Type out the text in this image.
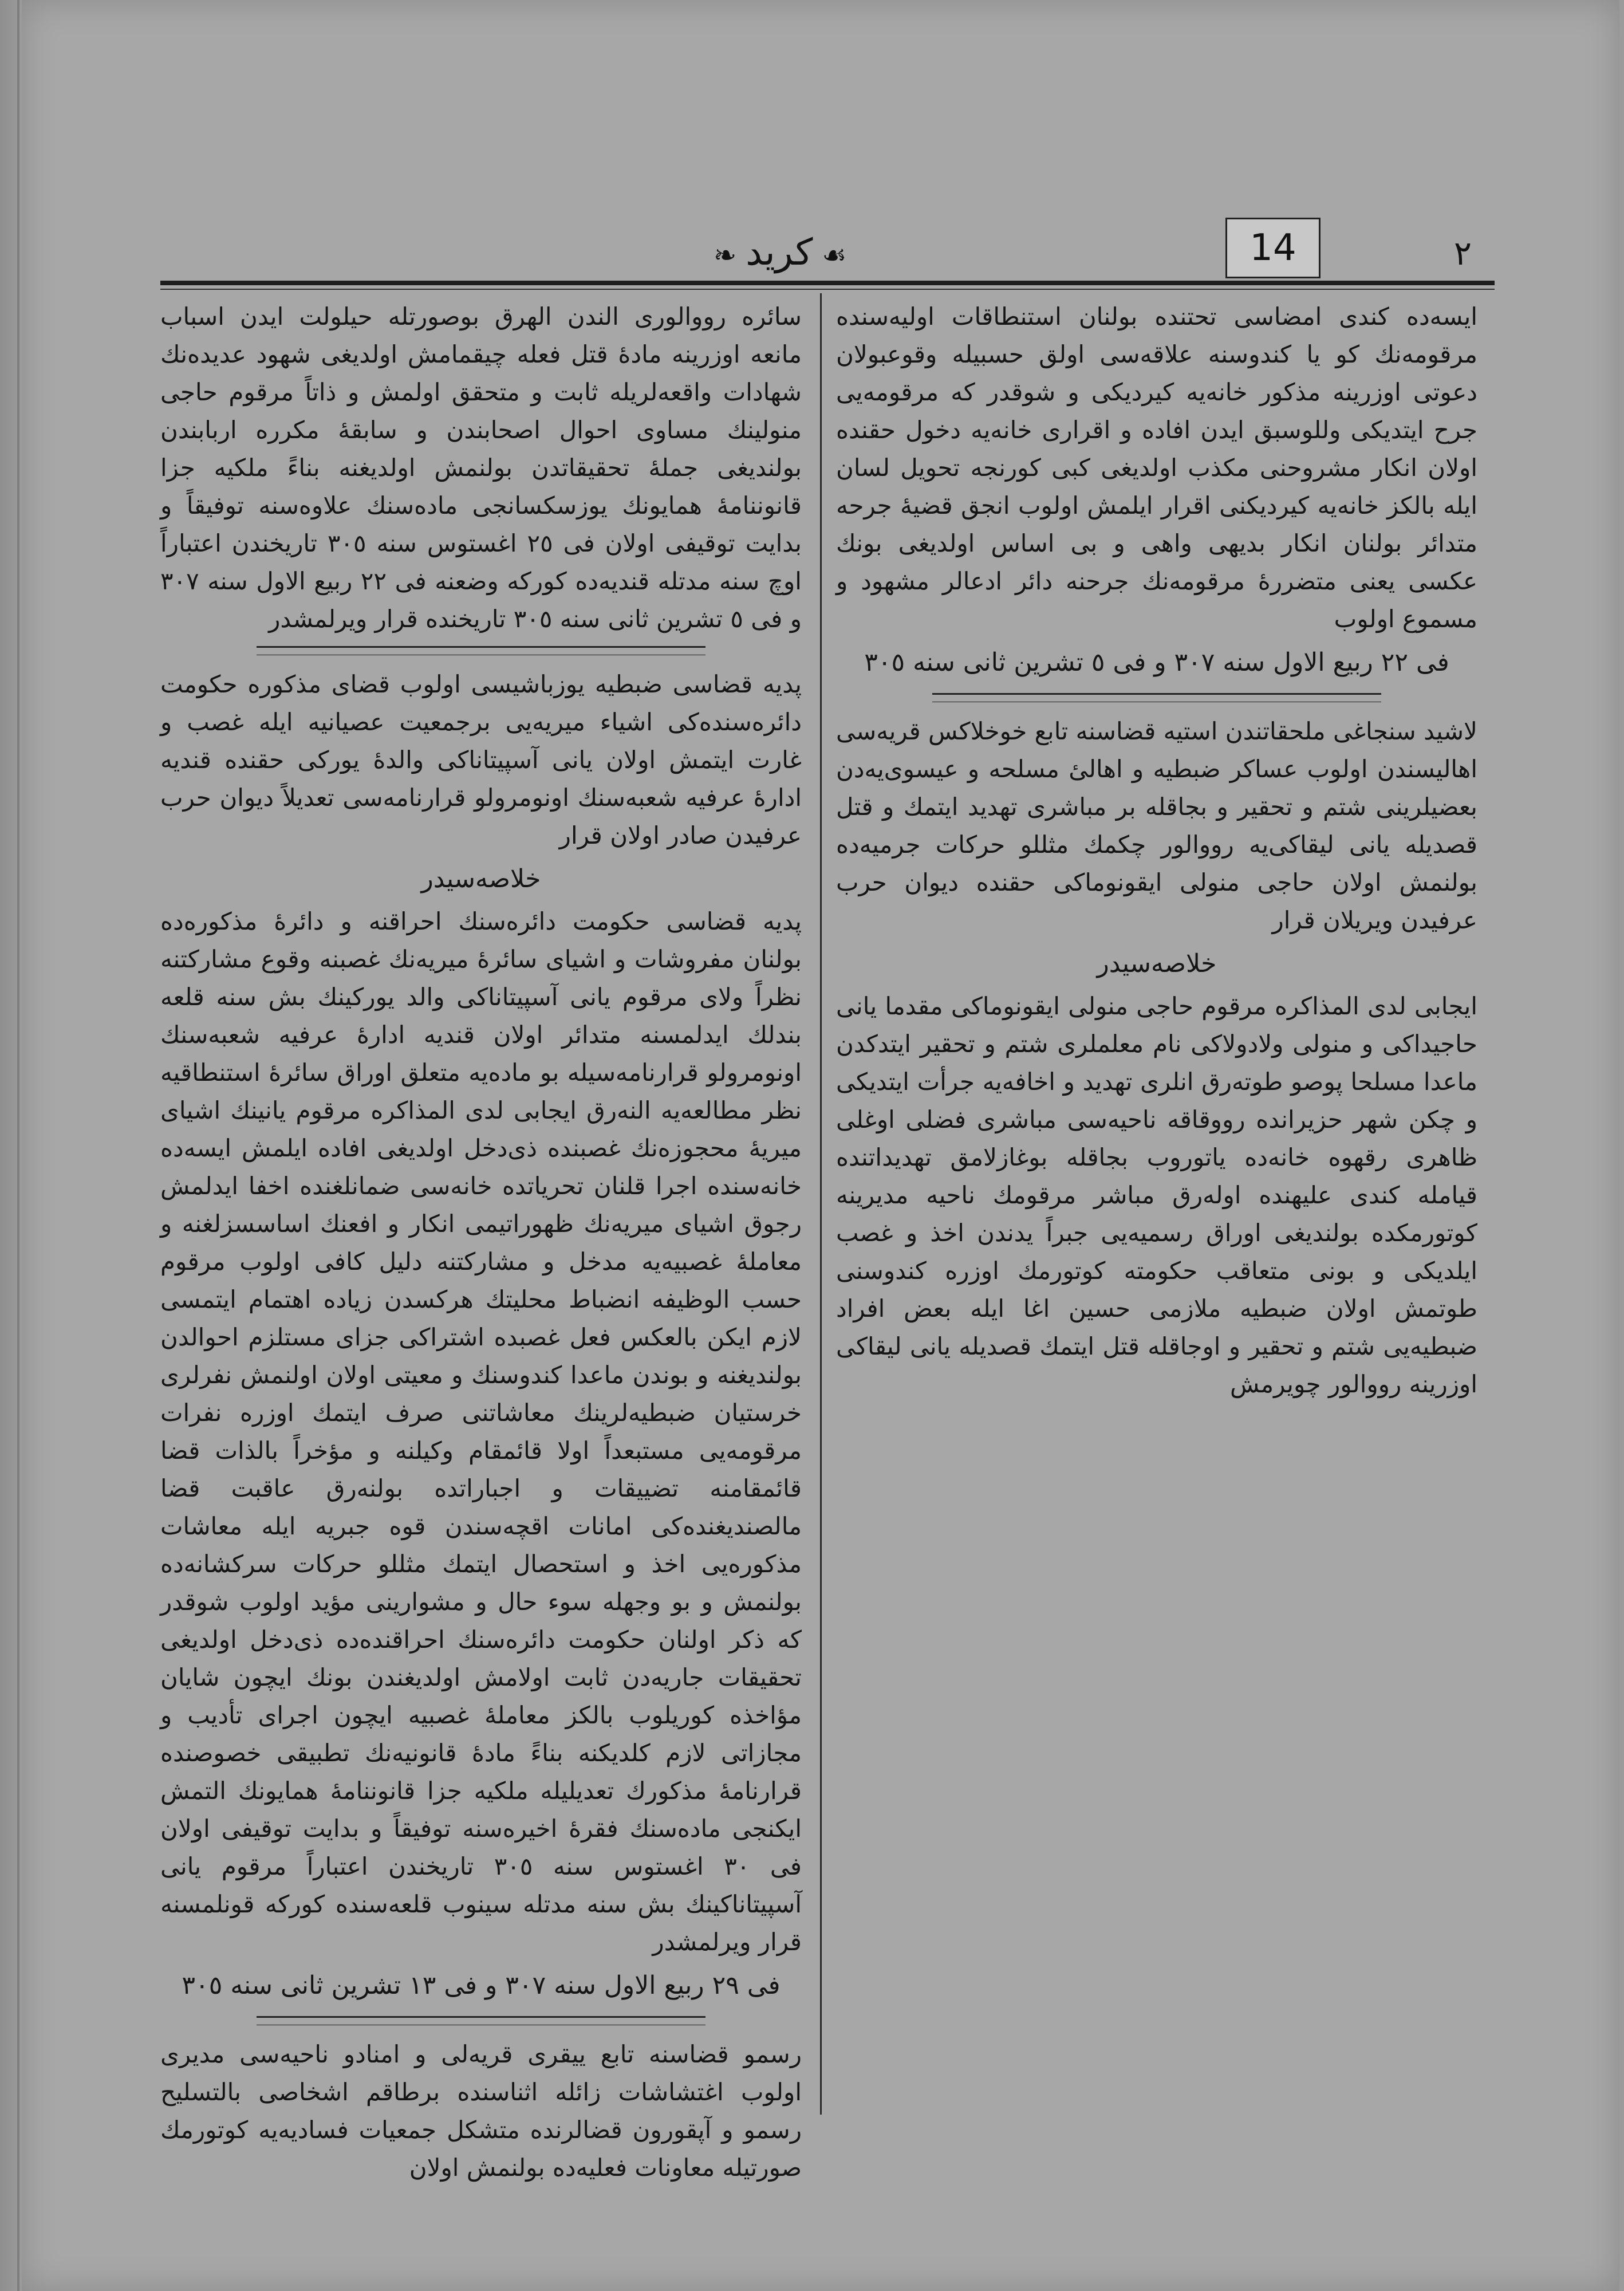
٢
14
❧ کرید ☙

ایسه‌ده کندی امضاسی تحتنده بولنان استنطاقات اولیه‌سنده مرقومه‌نك کو یا کندوسنه علاقه‌سی اولق حسبیله وقوعبولان دعوتی اوزرینه مذکور خانه‌یه کیردیکی و شوقدر که مرقومه‌یی جرح ایتدیکی وللوسبق ایدن افاده و اقراری خانه‌یه دخول حقنده اولان انکار مشروحنی مکذب اولدیغی کبی کورنجه تحویل لسان ایله بالکز خانه‌یه کیردیکنی اقرار ایلمش اولوب انجق قضیهٔ جرحه متدائر بولنان انکار بدیهی واهی و بی اساس اولدیغی بونك عکسی یعنی متضررهٔ مرقومه‌نك جرحنه دائر ادعالر مشهود و مسموع اولوب

فی ٢٢ ربیع الاول سنه ٣٠٧ و فی ٥ تشرین ثانی سنه ٣٠٥

لاشید سنجاغی ملحقاتندن استیه قضاسنه تابع خوخلاکس قریه‌سی اهالیسندن اولوب عساکر ضبطیه و اهالیٔ مسلحه و عیسوی‌یه‌دن بعضیلرینی شتم و تحقیر و بجاقله بر مباشری تهدید ایتمك و قتل قصدیله یانی لیقاکی‌یه رووالور چکمك مثللو حرکات جرمیه‌ده بولنمش اولان حاجی منولی ایقونوماکی حقنده دیوان حرب عرفیدن ویریلان قرار

خلاصه‌سیدر

ایجابی لدی المذاکره مرقوم حاجی منولی ایقونوماکی مقدما یانی حاجیداکی و منولی ولادولاکی نام معلملری شتم و تحقیر ایتدکدن ماعدا مسلحا پوصو طوته‌رق انلری تهدید و اخافه‌یه جرأت ایتدیکی و چکن شهر حزیرانده رووقاقه ناحیه‌سی مباشری فضلی اوغلی ظاهری رقهوه خانه‌ده یاتوروب بجاقله بوغازلامق تهدیداتنده قیامله کندی علیهنده اوله‌رق مباشر مرقومك ناحیه مدیرینه کوتورمکده بولندیغی اوراق رسمیه‌یی جبراً یدندن اخذ و غصب ایلدیکی و بونی متعاقب حکومته کوتورمك اوزره کندوسنی طوتمش اولان ضبطیه ملازمی حسین اغا ایله بعض افراد ضبطیه‌یی شتم و تحقیر و اوجاقله قتل ایتمك قصدیله یانی لیقاکی اوزرینه رووالور چویرمش

سائره رووالوری الندن الهرق بوصورتله حیلولت ایدن اسباب مانعه اوزرینه مادهٔ قتل فعله چیقمامش اولدیغی شهود عدیده‌نك شهادات واقعه‌لریله ثابت و متحقق اولمش و ذاتاً مرقوم حاجی منولینك مساوی احوال اصحابندن و سابقهٔ مکرره اربابندن بولندیغی جملهٔ تحقیقاتدن بولنمش اولدیغنه بناءً ملکیه جزا قانوننامهٔ همایونك یوزسکسانجی ماده‌سنك علاوه‌سنه توفیقاً و بدایت توقیفی اولان فی ٢٥ اغستوس سنه ٣٠٥ تاریخندن اعتباراً اوچ سنه مدتله قندیه‌ده کورکه وضعنه فی ٢٢ ربیع الاول سنه ٣٠٧ و فی ٥ تشرین ثانی سنه ٣٠٥ تاریخنده قرار ویرلمشدر

پدیه قضاسی ضبطیه یوزباشیسی اولوب قضای مذکوره حکومت دائره‌سنده‌کی اشیاء میریه‌یی برجمعیت عصیانیه ایله غصب و غارت ایتمش اولان یانی آسپیتاناکی والدهٔ یورکی حقنده قندیه ادارهٔ عرفیه شعبه‌سنك اونومرولو قرارنامه‌سی تعدیلاً دیوان حرب عرفیدن صادر اولان قرار

خلاصه‌سیدر

پدیه قضاسی حکومت دائره‌سنك احراقنه و دائرهٔ مذکوره‌ده بولنان مفروشات و اشیای سائرهٔ میریه‌نك غصبنه وقوع مشارکتنه نظراً ولای مرقوم یانی آسپیتاناکی والد یورکینك بش سنه قلعه بندلك ایدلمسنه متدائر اولان قندیه ادارهٔ عرفیه شعبه‌سنك اونومرولو قرارنامه‌سیله بو ماده‌یه متعلق اوراق سائرهٔ استنطاقیه نظر مطالعه‌یه النه‌رق ایجابی لدی المذاکره مرقوم یانینك اشیای میریهٔ محجوزه‌نك غصبنده ذی‌دخل اولدیغی افاده ایلمش ایسه‌ده خانه‌سنده اجرا قلنان تحریاتده خانه‌سی ضمانلغنده اخفا ایدلمش رجوق اشیای میریه‌نك ظهوراتیمی انکار و افعنك اساسسزلغنه و معاملهٔ غصبیه‌یه مدخل و مشارکتنه دلیل کافی اولوب مرقوم حسب الوظیفه انضباط محلیتك هرکسدن زیاده اهتمام ایتمسی لازم ایکن بالعکس فعل غصبده اشتراکی جزای مستلزم احوالدن بولندیغنه و بوندن ماعدا کندوسنك و معیتی اولان اولنمش نفرلری خرستیان ضبطیه‌لرینك معاشاتنی صرف ایتمك اوزره نفرات مرقومه‌یی مستبعداً اولا قائمقام وکیلنه و مؤخراً بالذات قضا قائمقامنه تضییقات و اجباراتده بولنه‌رق عاقبت قضا مالصندیغنده‌کی امانات اقچه‌سندن قوه جبریه ایله معاشات مذکوره‌یی اخذ و استحصال ایتمك مثللو حرکات سرکشانه‌ده بولنمش و بو وجهله سوء حال و مشوارینی مؤید اولوب شوقدر که ذکر اولنان حکومت دائره‌سنك احراقنده‌ده ذی‌دخل اولدیغی تحقیقات جاریه‌دن ثابت اولامش اولدیغندن بونك ایچون شایان مؤاخذه کوریلوب بالکز معاملهٔ غصبیه ایچون اجرای تأدیب و مجازاتی لازم کلدیکنه بناءً مادهٔ قانونیه‌نك تطبیقی خصوصنده قرارنامهٔ مذکورك تعدیلیله ملکیه جزا قانوننامهٔ همایونك التمش ایکنجی ماده‌سنك فقرهٔ اخیره‌سنه توفیقاً و بدایت توقیفی اولان فی ٣٠ اغستوس سنه ٣٠٥ تاریخندن اعتباراً مرقوم یانی آسپیتاناکینك بش سنه مدتله سینوب قلعه‌سنده کورکه قونلمسنه قرار ویرلمشدر

فی ٢٩ ربیع الاول سنه ٣٠٧ و فی ١٣ تشرین ثانی سنه ٣٠٥

رسمو قضاسنه تابع ییقری قریه‌لی و امنادو ناحیه‌سی مدیری اولوب اغتشاشات زائله اثناسنده برطاقم اشخاصی بالتسلیح رسمو و آپقورون قضالرنده متشکل جمعیات فسادیه‌یه کوتورمك صورتیله معاونات فعلیه‌ده بولنمش اولان
